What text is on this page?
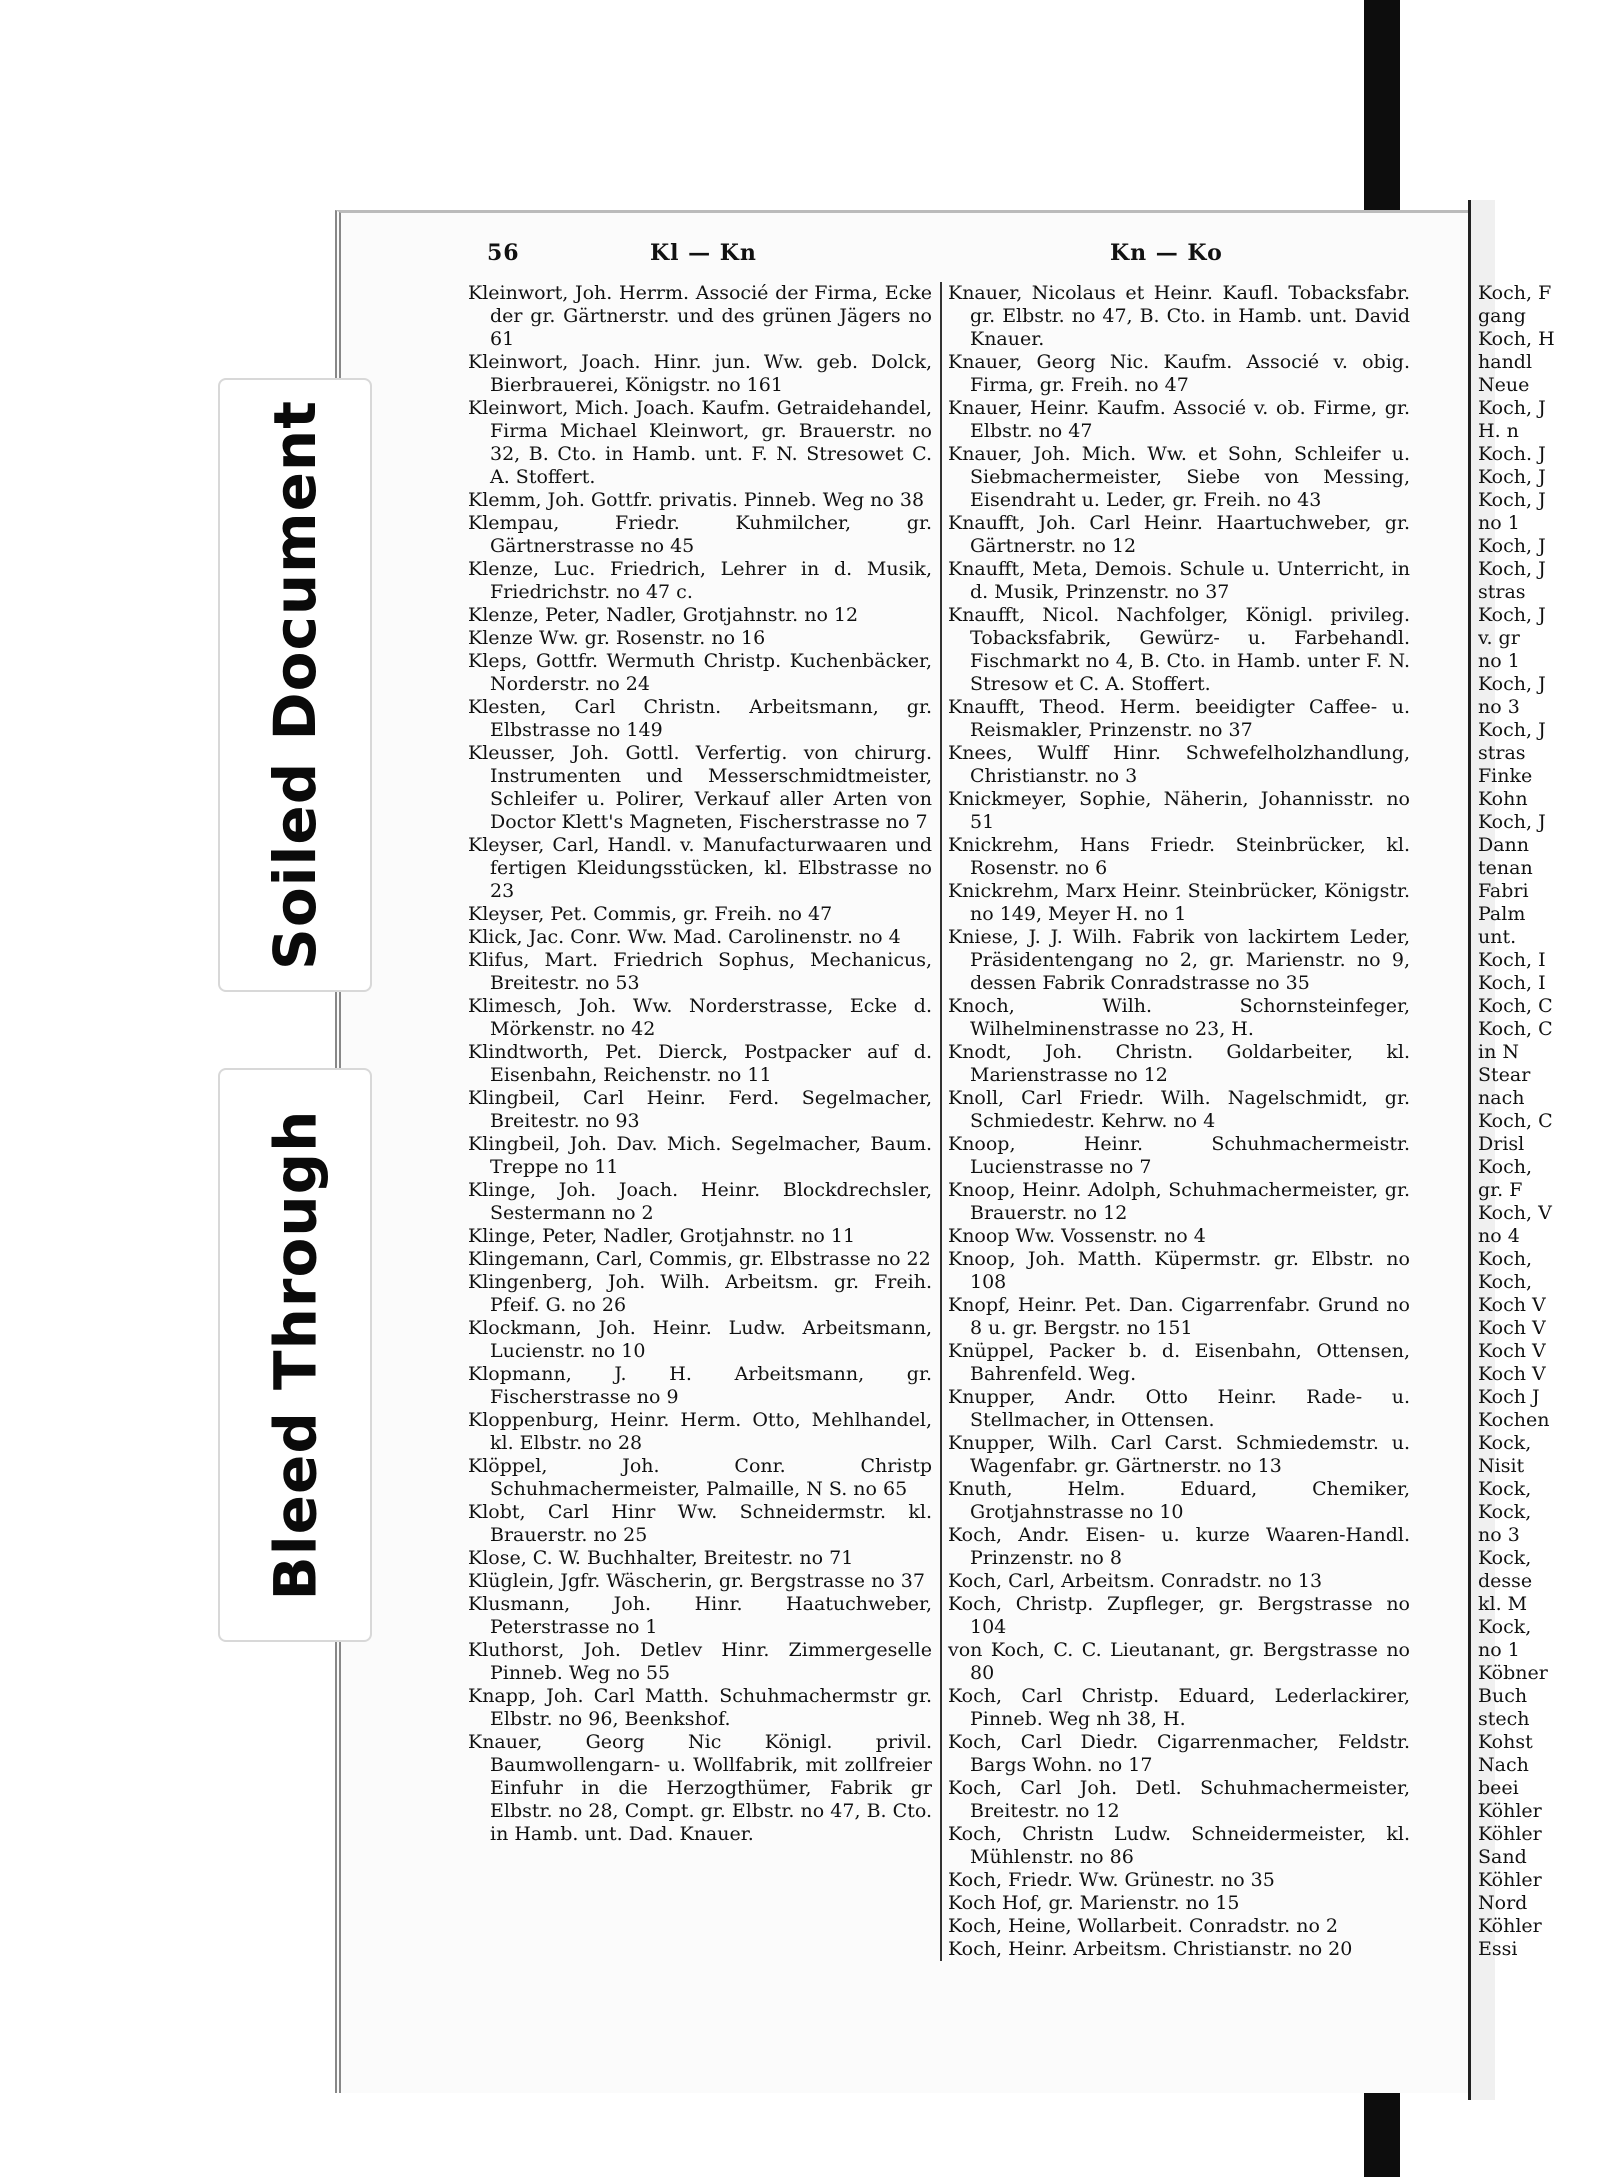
Soiled Document
Bleed Through
56	Kl — Kn	Kn — Ko
Kleinwort, Joh. Herrm. Associé der Firma, Ecke der gr. Gärtnerstr. und des grünen Jägers no 61
Kleinwort, Joach. Hinr. jun. Ww. geb. Dolck, Bierbrauerei, Königstr. no 161
Kleinwort, Mich. Joach. Kaufm. Getraidehandel, Firma Michael Kleinwort, gr. Brauerstr. no 32, B. Cto. in Hamb. unt. F. N. Stresowet C. A. Stoffert.
Klemm, Joh. Gottfr. privatis. Pinneb. Weg no 38
Klempau, Friedr. Kuhmilcher, gr. Gärtnerstrasse no 45
Klenze, Luc. Friedrich, Lehrer in d. Musik, Friedrichstr. no 47 c.
Klenze, Peter, Nadler, Grotjahnstr. no 12
Klenze Ww. gr. Rosenstr. no 16
Kleps, Gottfr. Wermuth Christp. Kuchenbäcker, Norderstr. no 24
Klesten, Carl Christn. Arbeitsmann, gr. Elbstrasse no 149
Kleusser, Joh. Gottl. Verfertig. von chirurg. Instrumenten und Messerschmidtmeister, Schleifer u. Polirer, Verkauf aller Arten von Doctor Klett's Magneten, Fischerstrasse no 7
Kleyser, Carl, Handl. v. Manufacturwaaren und fertigen Kleidungsstücken, kl. Elbstrasse no 23
Kleyser, Pet. Commis, gr. Freih. no 47
Klick, Jac. Conr. Ww. Mad. Carolinenstr. no 4
Klifus, Mart. Friedrich Sophus, Mechanicus, Breitestr. no 53
Klimesch, Joh. Ww. Norderstrasse, Ecke d. Mörkenstr. no 42
Klindtworth, Pet. Dierck, Postpacker auf d. Eisenbahn, Reichenstr. no 11
Klingbeil, Carl Heinr. Ferd. Segelmacher, Breitestr. no 93
Klingbeil, Joh. Dav. Mich. Segelmacher, Baum. Treppe no 11
Klinge, Joh. Joach. Heinr. Blockdrechsler, Sestermann no 2
Klinge, Peter, Nadler, Grotjahnstr. no 11
Klingemann, Carl, Commis, gr. Elbstrasse no 22
Klingenberg, Joh. Wilh. Arbeitsm. gr. Freih. Pfeif. G. no 26
Klockmann, Joh. Heinr. Ludw. Arbeitsmann, Lucienstr. no 10
Klopmann, J. H. Arbeitsmann, gr. Fischerstrasse no 9
Kloppenburg, Heinr. Herm. Otto, Mehlhandel, kl. Elbstr. no 28
Klöppel, Joh. Conr. Christp Schuhmachermeister, Palmaille, N S. no 65
Klobt, Carl Hinr Ww. Schneidermstr. kl. Brauerstr. no 25
Klose, C. W. Buchhalter, Breitestr. no 71
Klüglein, Jgfr. Wäscherin, gr. Bergstrasse no 37
Klusmann, Joh. Hinr. Haatuchweber, Peterstrasse no 1
Kluthorst, Joh. Detlev Hinr. Zimmergeselle Pinneb. Weg no 55
Knapp, Joh. Carl Matth. Schuhmachermstr gr. Elbstr. no 96, Beenkshof.
Knauer, Georg Nic Königl. privil. Baumwollengarn- u. Wollfabrik, mit zollfreier Einfuhr in die Herzogthümer, Fabrik gr Elbstr. no 28, Compt. gr. Elbstr. no 47, B. Cto. in Hamb. unt. Dad. Knauer.
Knauer, Nicolaus et Heinr. Kaufl. Tobacksfabr. gr. Elbstr. no 47, B. Cto. in Hamb. unt. David Knauer.
Knauer, Georg Nic. Kaufm. Associé v. obig. Firma, gr. Freih. no 47
Knauer, Heinr. Kaufm. Associé v. ob. Firme, gr. Elbstr. no 47
Knauer, Joh. Mich. Ww. et Sohn, Schleifer u. Siebmachermeister, Siebe von Messing, Eisendraht u. Leder, gr. Freih. no 43
Knaufft, Joh. Carl Heinr. Haartuchweber, gr. Gärtnerstr. no 12
Knaufft, Meta, Demois. Schule u. Unterricht, in d. Musik, Prinzenstr. no 37
Knaufft, Nicol. Nachfolger, Königl. privileg. Tobacksfabrik, Gewürz- u. Farbehandl. Fischmarkt no 4, B. Cto. in Hamb. unter F. N. Stresow et C. A. Stoffert.
Knaufft, Theod. Herm. beeidigter Caffee- u. Reismakler, Prinzenstr. no 37
Knees, Wulff Hinr. Schwefelholzhandlung, Christianstr. no 3
Knickmeyer, Sophie, Näherin, Johannisstr. no 51
Knickrehm, Hans Friedr. Steinbrücker, kl. Rosenstr. no 6
Knickrehm, Marx Heinr. Steinbrücker, Königstr. no 149, Meyer H. no 1
Kniese, J. J. Wilh. Fabrik von lackirtem Leder, Präsidentengang no 2, gr. Marienstr. no 9, dessen Fabrik Conradstrasse no 35
Knoch, Wilh. Schornsteinfeger, Wilhelminenstrasse no 23, H.
Knodt, Joh. Christn. Goldarbeiter, kl. Marienstrasse no 12
Knoll, Carl Friedr. Wilh. Nagelschmidt, gr. Schmiedestr. Kehrw. no 4
Knoop, Heinr. Schuhmachermeistr. Lucienstrasse no 7
Knoop, Heinr. Adolph, Schuhmachermeister, gr. Brauerstr. no 12
Knoop Ww. Vossenstr. no 4
Knoop, Joh. Matth. Küpermstr. gr. Elbstr. no 108
Knopf, Heinr. Pet. Dan. Cigarrenfabr. Grund no 8 u. gr. Bergstr. no 151
Knüppel, Packer b. d. Eisenbahn, Ottensen, Bahrenfeld. Weg.
Knupper, Andr. Otto Heinr. Rade- u. Stellmacher, in Ottensen.
Knupper, Wilh. Carl Carst. Schmiedemstr. u. Wagenfabr. gr. Gärtnerstr. no 13
Knuth, Helm. Eduard, Chemiker, Grotjahnstrasse no 10
Koch, Andr. Eisen- u. kurze Waaren-Handl. Prinzenstr. no 8
Koch, Carl, Arbeitsm. Conradstr. no 13
Koch, Christp. Zupfleger, gr. Bergstrasse no 104
von Koch, C. C. Lieutanant, gr. Bergstrasse no 80
Koch, Carl Christp. Eduard, Lederlackirer, Pinneb. Weg nh 38, H.
Koch, Carl Diedr. Cigarrenmacher, Feldstr. Bargs Wohn. no 17
Koch, Carl Joh. Detl. Schuhmachermeister, Breitestr. no 12
Koch, Christn Ludw. Schneidermeister, kl. Mühlenstr. no 86
Koch, Friedr. Ww. Grünestr. no 35
Koch Hof, gr. Marienstr. no 15
Koch, Heine, Wollarbeit. Conradstr. no 2
Koch, Heinr. Arbeitsm. Christianstr. no 20
Koch, F
gang
Koch, H
handl
Neue
Koch, J
H. n
Koch. J
Koch, J
Koch, J
no 1
Koch, J
Koch, J
stras
Koch, J
v. gr
no 1
Koch, J
no 3
Koch, J
stras
Finke
Kohn
Koch, J
Dann
tenan
Fabri
Palm
unt.
Koch, I
Koch, I
Koch, C
Koch, C
in N
Stear
nach
Koch, C
Drisl
Koch,
gr. F
Koch, V
no 4
Koch,
Koch,
Koch V
Koch V
Koch V
Koch V
Koch J
Kochen
Kock,
Nisit
Kock,
Kock,
no 3
Kock,
desse
kl. M
Kock,
no 1
Köbner
Buch
stech
Kohst
Nach
beei
Köhler
Köhler
Sand
Köhler
Nord
Köhler
Essi
